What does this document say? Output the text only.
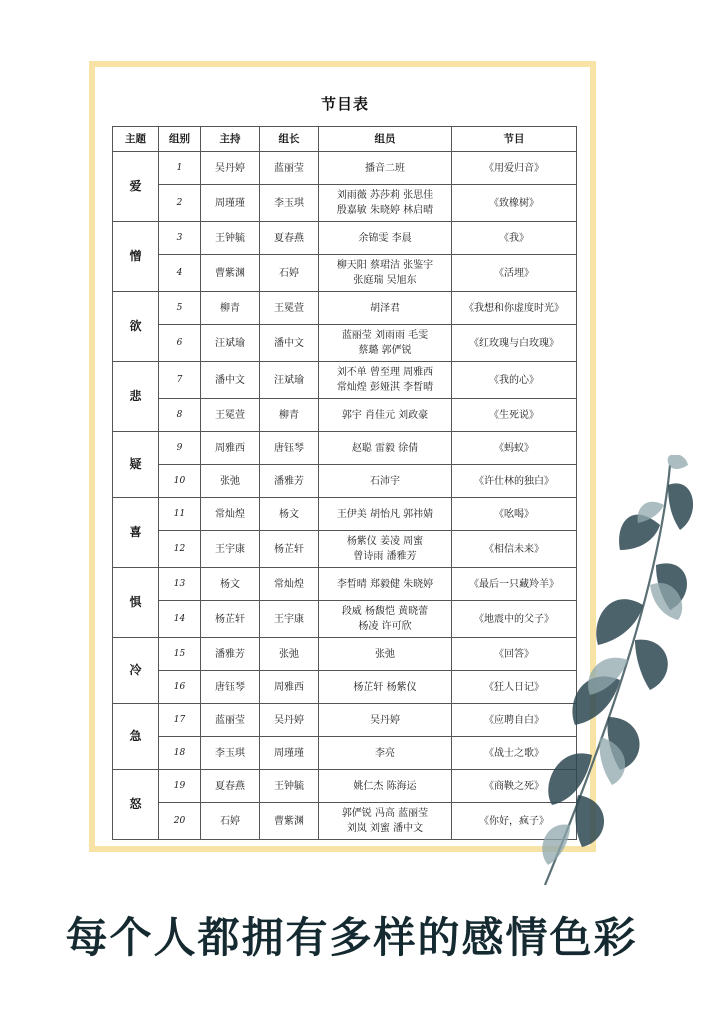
节目表
主题	组别	主持	组长	组员	节目
爱	1	吴丹婷	蓝丽莹	播音二班	《用爱归音》
	2	周瑾瑾	李玉琪	刘雨薇 苏莎莉 张思佳
殷嘉敏 朱晓婷 林启晴	《致橡树》
憎	3	王钟毓	夏春燕	余锦雯 李晨	《我》
	4	曹紫渊	石婷	柳天阳 蔡珺洁 张鉴宇
张庭瑞 吴旭东	《活埋》
欲	5	柳青	王冕萱	胡泽君	《我想和你虚度时光》
	6	汪斌瑜	潘中文	蓝丽莹 刘雨雨 毛雯
蔡璐 郭俨锐	《红玫瑰与白玫瑰》
悲	7	潘中文	汪斌瑜	刘不单 曾至理 周雅西
常灿煌 彭娅淇 李晳晴	《我的心》
	8	王冕萱	柳青	郭宇 肖佳元 刘政豪	《生死说》
疑	9	周雅西	唐钰琴	赵聪 雷毅 徐倩	《蚂蚁》
	10	张弛	潘雅芳	石沛宇	《许仕林的独白》
喜	11	常灿煌	杨文	王伊美 胡怡凡 郭祎婧	《吆喝》
	12	王宇康	杨芷轩	杨紫仪 姜凌 周蜜
曾诗雨 潘雅芳	《相信未来》
惧	13	杨文	常灿煌	李晳晴 郑毅健 朱晓婷	《最后一只藏羚羊》
	14	杨芷轩	王宇康	段威 杨馥恺 黄晓蕾
杨凌 许可欣	《地震中的父子》
冷	15	潘雅芳	张弛	张弛	《回答》
	16	唐钰琴	周雅西	杨芷轩 杨紫仪	《狂人日记》
急	17	蓝丽莹	吴丹婷	吴丹婷	《应聘自白》
	18	李玉琪	周瑾瑾	李亮	《战士之歌》
怒	19	夏春燕	王钟毓	姚仁杰 陈海运	《商鞅之死》
	20	石婷	曹紫渊	郭俨锐 冯高 蓝丽莹
刘岚 刘蜜 潘中文	《你好，疯子》
每个人都拥有多样的感情色彩
